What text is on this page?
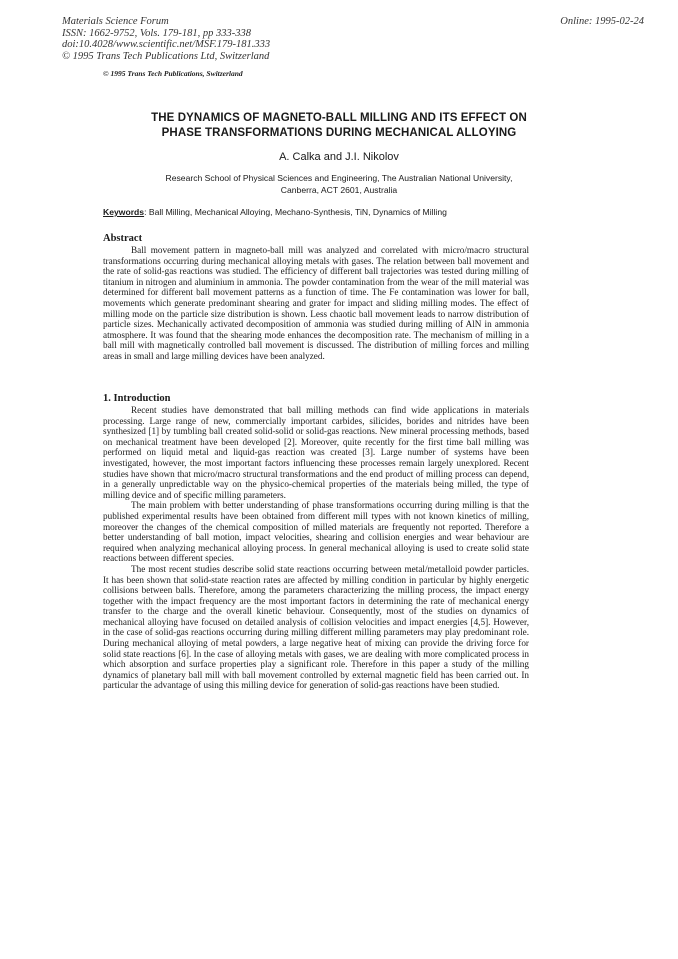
Materials Science Forum
ISSN: 1662-9752, Vols. 179-181, pp 333-338
doi:10.4028/www.scientific.net/MSF.179-181.333
© 1995 Trans Tech Publications Ltd, Switzerland
Online: 1995-02-24
© 1995 Trans Tech Publications, Switzerland
THE DYNAMICS OF MAGNETO-BALL MILLING AND ITS EFFECT ON
PHASE TRANSFORMATIONS DURING MECHANICAL ALLOYING
A. Calka and J.I. Nikolov
Research School of Physical Sciences and Engineering, The Australian National University,
Canberra, ACT 2601, Australia
Keywords: Ball Milling, Mechanical Alloying, Mechano-Synthesis, TiN, Dynamics of Milling
Abstract

Ball movement pattern in magneto-ball mill was analyzed and correlated with micro/macro structural transformations occurring during mechanical alloying metals with gases. The relation between ball movement and the rate of solid-gas reactions was studied. The efficiency of different ball trajectories was tested during milling of titanium in nitrogen and aluminium in ammonia. The powder contamination from the wear of the mill material was determined for different ball movement patterns as a function of time. The Fe contamination was lower for ball, movements which generate predominant shearing and grater for impact and sliding milling modes. The effect of milling mode on the particle size distribution is shown. Less chaotic ball movement leads to narrow distribution of particle sizes. Mechanically activated decomposition of ammonia was studied during milling of AlN in ammonia atmosphere. It was found that the shearing mode enhances the decomposition rate. The mechanism of milling in a ball mill with magnetically controlled ball movement is discussed. The distribution of milling forces and milling areas in small and large milling devices have been analyzed.

1. Introduction

Recent studies have demonstrated that ball milling methods can find wide applications in materials processing. Large range of new, commercially important carbides, silicides, borides and nitrides have been synthesized [1] by tumbling ball created solid-solid or solid-gas reactions. New mineral processing methods, based on mechanical treatment have been developed [2]. Moreover, quite recently for the first time ball milling was performed on liquid metal and liquid-gas reaction was created [3]. Large number of systems have been investigated, however, the most important factors influencing these processes remain largely unexplored. Recent studies have shown that micro/macro structural transformations and the end product of milling process can depend, in a generally unpredictable way on the physico-chemical properties of the materials being milled, the type of milling device and of specific milling parameters.

The main problem with better understanding of phase transformations occurring during milling is that the published experimental results have been obtained from different mill types with not known kinetics of milling, moreover the changes of the chemical composition of milled materials are frequently not reported. Therefore a better understanding of ball motion, impact velocities, shearing and collision energies and wear behaviour are required when analyzing mechanical alloying process. In general mechanical alloying is used to create solid state reactions between different species.

The most recent studies describe solid state reactions occurring between metal/metalloid powder particles. It has been shown that solid-state reaction rates are affected by milling condition in particular by highly energetic collisions between balls. Therefore, among the parameters characterizing the milling process, the impact energy together with the impact frequency are the most important factors in determining the rate of mechanical energy transfer to the charge and the overall kinetic behaviour. Consequently, most of the studies on dynamics of mechanical alloying have focused on detailed analysis of collision velocities and impact energies [4,5]. However, in the case of solid-gas reactions occurring during milling different milling parameters may play predominant role. During mechanical alloying of metal powders, a large negative heat of mixing can provide the driving force for solid state reactions [6]. In the case of alloying metals with gases, we are dealing with more complicated process in which absorption and surface properties play a significant role. Therefore in this paper a study of the milling dynamics of planetary ball mill with ball movement controlled by external magnetic field has been carried out. In particular the advantage of using this milling device for generation of solid-gas reactions have been studied.
